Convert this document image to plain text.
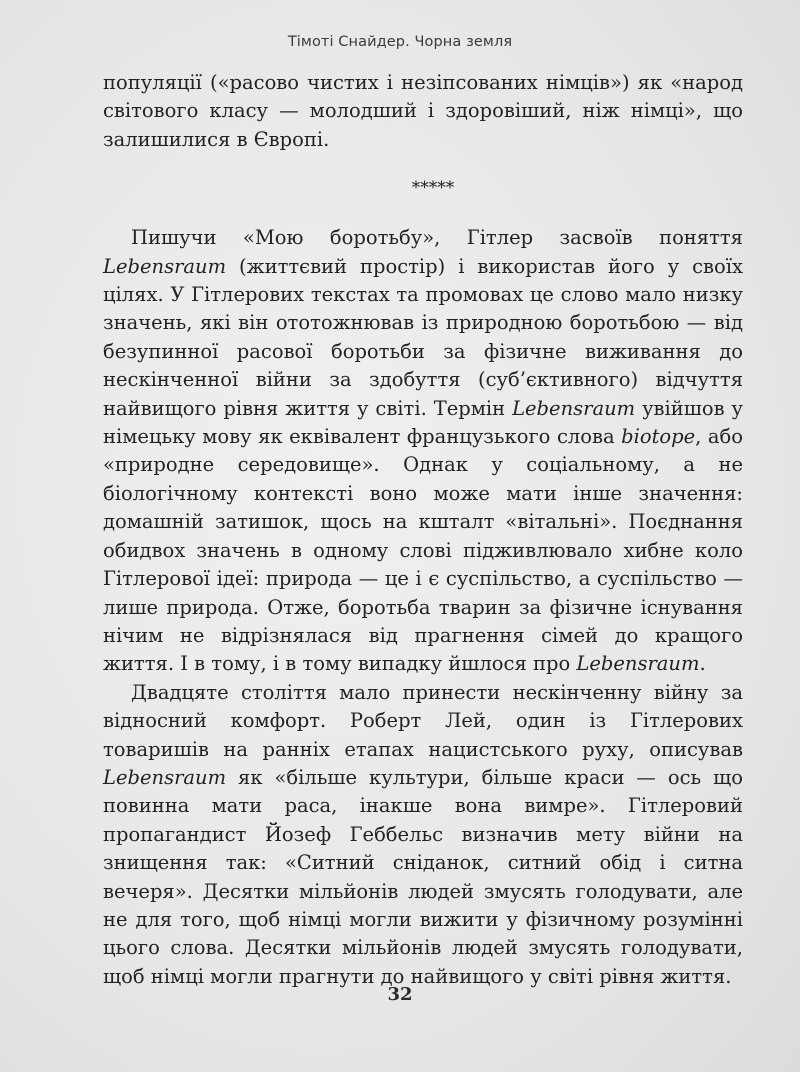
Тімоті Снайдер. Чорна земля

популяції («расово чистих і незіпсованих німців») як «народ світового класу — молодший і здоровіший, ніж німці», що залишилися в Європі.

*****

Пишучи «Мою боротьбу», Гітлер засвоїв поняття Lebensraum (життєвий простір) і використав його у своїх цілях. У Гітлерових текстах та промовах це слово мало низку значень, які він ототожнював із природною боротьбою — від безупинної расової боротьби за фізичне виживання до нескінченної війни за здобуття (суб’єктивного) відчуття найвищого рівня життя у світі. Термін Lebensraum увійшов у німецьку мову як еквівалент французького слова biotope, або «природне середовище». Однак у соціальному, а не біологічному контексті воно може мати інше значення: домашній затишок, щось на кшталт «вітальні». Поєднання обидвох значень в одному слові підживлювало хибне коло Гітлерової ідеї: природа — це і є суспільство, а суспільство — лише природа. Отже, боротьба тварин за фізичне існування нічим не відрізнялася від прагнення сімей до кращого життя. І в тому, і в тому випадку йшлося про Lebensraum.

Двадцяте століття мало принести нескінченну війну за відносний комфорт. Роберт Лей, один із Гітлерових товаришів на ранніх етапах нацистського руху, описував Lebensraum як «більше культури, більше краси — ось що повинна мати раса, інакше вона вимре». Гітлеровий пропагандист Йозеф Геббельс визначив мету війни на знищення так: «Ситний сніданок, ситний обід і ситна вечеря». Десятки мільйонів людей змусять голодувати, але не для того, щоб німці могли вижити у фізичному розумінні цього слова. Десятки мільйонів людей змусять голодувати, щоб німці могли прагнути до найвищого у світі рівня життя.

32
